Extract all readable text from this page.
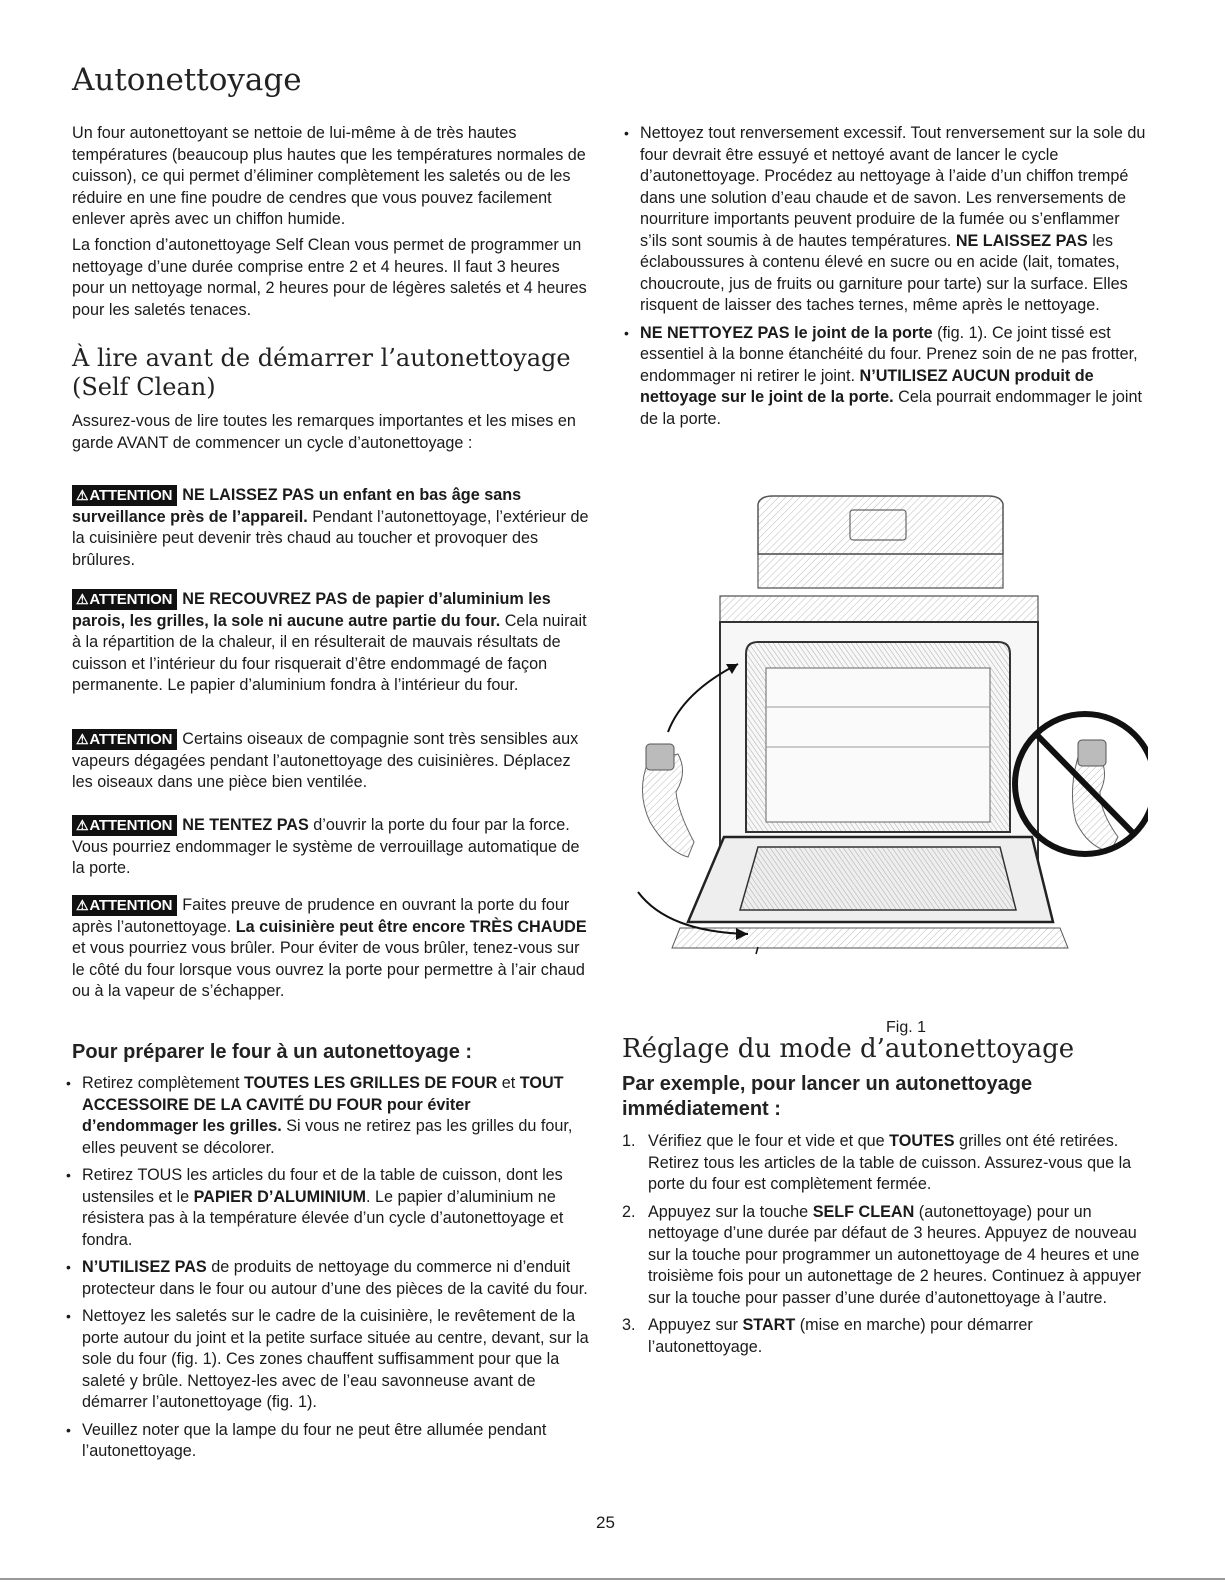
Autonettoyage

Un four autonettoyant se nettoie de lui-même à de très hautes températures (beaucoup plus hautes que les températures normales de cuisson), ce qui permet d’éliminer complètement les saletés ou de les réduire en une fine poudre de cendres que vous pouvez facilement enlever après avec un chiffon humide.

La fonction d’autonettoyage Self Clean vous permet de programmer un nettoyage d’une durée comprise entre 2 et 4 heures. Il faut 3 heures pour un nettoyage normal, 2 heures pour de légères saletés et 4 heures pour les saletés tenaces.

À lire avant de démarrer l’autonettoyage (Self Clean)

Assurez-vous de lire toutes les remarques importantes et les mises en garde AVANT de commencer un cycle d’autonettoyage :

⚠ATTENTION NE LAISSEZ PAS un enfant en bas âge sans surveillance près de l’appareil. Pendant l’autonettoyage, l’extérieur de la cuisinière peut devenir très chaud au toucher et provoquer des brûlures.

⚠ATTENTION NE RECOUVREZ PAS de papier d’aluminium les parois, les grilles, la sole ni aucune autre partie du four. Cela nuirait à la répartition de la chaleur, il en résulterait de mauvais résultats de cuisson et l’intérieur du four risquerait d’être endommagé de façon permanente. Le papier d’aluminium fondra à l’intérieur du four.

⚠ATTENTION Certains oiseaux de compagnie sont très sensibles aux vapeurs dégagées pendant l’autonettoyage des cuisinières. Déplacez les oiseaux dans une pièce bien ventilée.

⚠ATTENTION NE TENTEZ PAS d’ouvrir la porte du four par la force. Vous pourriez endommager le système de verrouillage automatique de la porte.

⚠ATTENTION Faites preuve de prudence en ouvrant la porte du four après l’autonettoyage. La cuisinière peut être encore TRÈS CHAUDE et vous pourriez vous brûler. Pour éviter de vous brûler, tenez-vous sur le côté du four lorsque vous ouvrez la porte pour permettre à l’air chaud ou à la vapeur de s’échapper.

Pour préparer le four à un autonettoyage :
• Retirez complètement TOUTES LES GRILLES DE FOUR et TOUT ACCESSOIRE DE LA CAVITÉ DU FOUR pour éviter d’endommager les grilles. Si vous ne retirez pas les grilles du four, elles peuvent se décolorer.
• Retirez TOUS les articles du four et de la table de cuisson, dont les ustensiles et le PAPIER D’ALUMINIUM. Le papier d’aluminium ne résistera pas à la température élevée d’un cycle d’autonettoyage et fondra.
• N’UTILISEZ PAS de produits de nettoyage du commerce ni d’enduit protecteur dans le four ou autour d’une des pièces de la cavité du four.
• Nettoyez les saletés sur le cadre de la cuisinière, le revêtement de la porte autour du joint et la petite surface située au centre, devant, sur la sole du four (fig. 1). Ces zones chauffent suffisamment pour que la saleté y brûle. Nettoyez-les avec de l’eau savonneuse avant de démarrer l’autonettoyage (fig. 1).
• Veuillez noter que la lampe du four ne peut être allumée pendant l’autonettoyage.
• Nettoyez tout renversement excessif. Tout renversement sur la sole du four devrait être essuyé et nettoyé avant de lancer le cycle d’autonettoyage. Procédez au nettoyage à l’aide d’un chiffon trempé dans une solution d’eau chaude et de savon. Les renversements de nourriture importants peuvent produire de la fumée ou s’enflammer s’ils sont soumis à de hautes températures. NE LAISSEZ PAS les éclaboussures à contenu élevé en sucre ou en acide (lait, tomates, choucroute, jus de fruits ou garniture pour tarte) sur la surface. Elles risquent de laisser des taches ternes, même après le nettoyage.
• NE NETTOYEZ PAS le joint de la porte (fig. 1). Ce joint tissé est essentiel à la bonne étanchéité du four. Prenez soin de ne pas frotter, endommager ni retirer le joint. N’UTILISEZ AUCUN produit de nettoyage sur le joint de la porte. Cela pourrait endommager le joint de la porte.

Fig. 1

Réglage du mode d’autonettoyage
Par exemple, pour lancer un autonettoyage immédiatement :
1. Vérifiez que le four et vide et que TOUTES grilles ont été retirées. Retirez tous les articles de la table de cuisson. Assurez-vous que la porte du four est complètement fermée.
2. Appuyez sur la touche SELF CLEAN (autonettoyage) pour un nettoyage d’une durée par défaut de 3 heures. Appuyez de nouveau sur la touche pour programmer un autonettoyage de 4 heures et une troisième fois pour un autonettage de 2 heures. Continuez à appuyer sur la touche pour passer d’une durée d’autonettoyage à l’autre.
3. Appuyez sur START (mise en marche) pour démarrer l’autonettoyage.

25
